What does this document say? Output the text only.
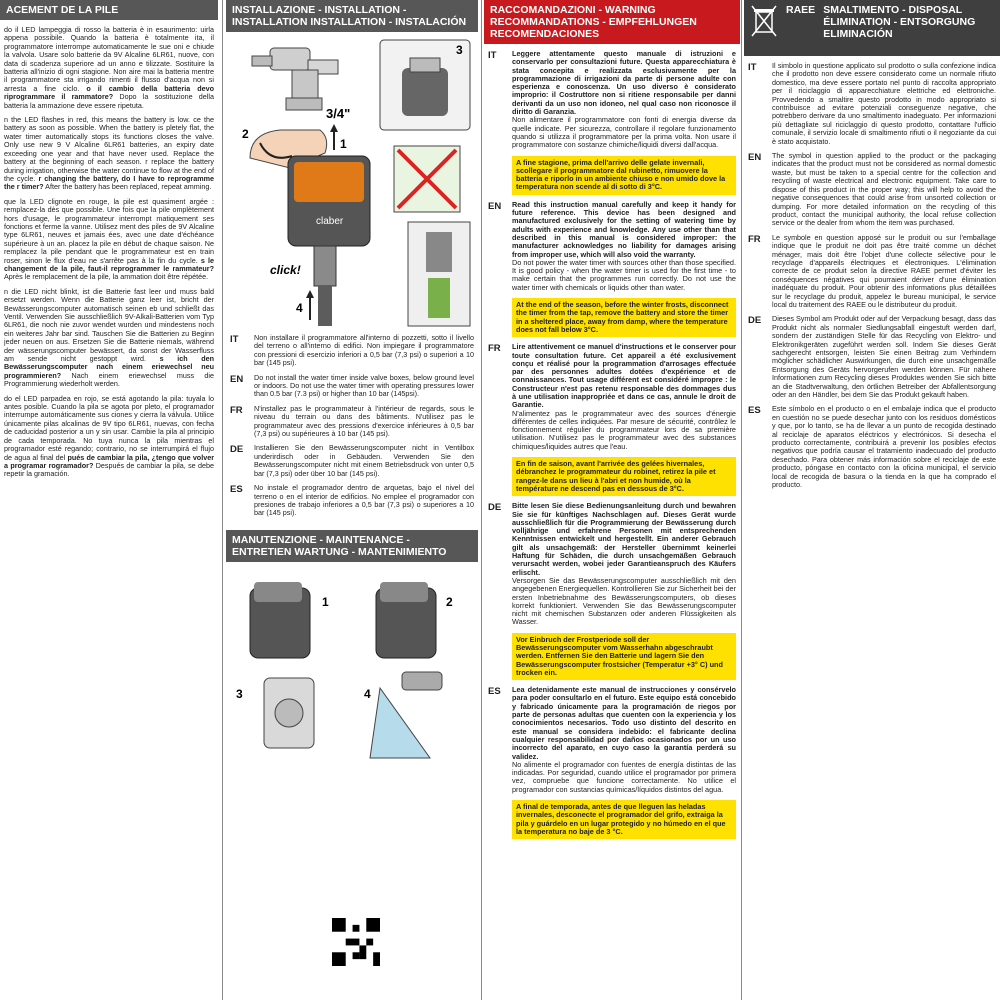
ACEMENT DE LA PILE
do il LED lampeggia di rosso la batteria è in esaurimento: uirla appena possibile. Quando la batteria è totalmente ita, il programmatore interrompe automaticamente le sue oni e chiude la valvola. Usare solo batterie da 9V Alcaline 6LR61, nuove, con data di scadenza superiore ad un anno e tilizzate. Sostituire la batteria all'inizio di ogni stagione. Non aire mai la batteria mentre il programmatore sta irrigando rimenti il flusso d'acqua non si arresta a fine ciclo. o il cambio della batteria devo riprogrammare il rammatore? Dopo la sostituzione della batteria la ammazione deve essere ripetuta.
n the LED flashes in red, this means the battery is low. ce the battery as soon as possible. When the battery is pletely flat, the water timer automatically stops its functions closes the valve. Only use new 9 V Alcaline 6LR61 batteries, an expiry date exceeding one year and that have never used. Replace the battery at the beginning of each season. r replace the battery during irrigation, otherwise the water continue to flow at the end of the cycle. r changing the battery, do I have to reprogramme the r timer? After the battery has been replaced, repeat amming.
que la LED clignote en rouge, la pile est quasiment argée : remplacez-la dès que possible. Une fois que la pile omplètement hors d'usage, le programmateur interrompt matiquement ses fonctions et ferme la vanne. Utilisez ment des piles de 9V Alcaline type 6LR61, neuves et jamais ées, avec une date d'échéance supérieure à un an. placez la pile en début de chaque saison. Ne remplacez la pile pendant que le programmateur est en train roser, sinon le flux d'eau ne s'arrête pas à la fin du cycle. s le changement de la pile, faut-il reprogrammer le rammateur? Après le remplacement de la pile, la ammation doit être répétée.
n die LED nicht blinkt, ist die Batterie fast leer und muss bald ersetzt werden. Wenn die Batterie ganz leer ist, bricht der Bewässerungscomputer automatisch seinen eb und schließt das Ventil. Verwenden Sie ausschließlich 9V-Alkali-Batterien vom Typ 6LR61, die noch nie zuvor wendet wurden und mindestens noch ein weiteres Jahr bar sind. Tauschen Sie die Batterien zu Beginn jeder neuen on aus. Ersetzen Sie die Batterie niemals, während der wässerungscomputer bewässert, da sonst der Wasserfluss am sende nicht gestoppt wird. s ich den Bewässerungscomputer nach einem eriewechsel neu programmieren? Nach einem eriewechsel muss die Programmierung wiederholt werden.
do el LED parpadea en rojo, se está agotando la pila: tuyala lo antes posible. Cuando la pila se agota por pleto, el programador interrumpe automáticamente sus ciones y cierra la válvula. Utilice únicamente pilas alcalinas de 9V tipo 6LR61, nuevas, con fecha de caducidad posterior a un y sin usar. Cambie la pila al principio de cada temporada. No tuya nunca la pila mientras el programador esté regando; contrario, no se interrumpirá el flujo de agua al final del pués de cambiar la pila, ¿tengo que volver a programar rogramador? Después de cambiar la pila, se debe repetir la gramación.
INSTALLAZIONE - INSTALLATION - INSTALLATION INSTALLATION - INSTALACIÓN
3/4"
2
claber
1
3
click!
4
IT	Non installare il programmatore all'interno di pozzetti, sotto il livello del terreno o all'interno di edifici. Non impiegare il programmatore con pressioni di esercizio inferiori a 0,5 bar (7,3 psi) o superiori a 10 bar (145 psi).
EN	Do not install the water timer inside valve boxes, below ground level or indoors. Do not use the water timer with operating pressures lower than 0.5 bar (7.3 psi) or higher than 10 bar (145psi).
FR	N'installez pas le programmateur à l'intérieur de regards, sous le niveau du terrain ou dans des bâtiments. N'utilisez pas le programmateur avec des pressions d'exercice inférieures à 0,5 bar (7,3 psi) ou supérieures à 10 bar (145 psi).
DE	Installieren Sie den Bewässerungscomputer nicht in Ventilbox underirdisch oder in Gebäuden. Verwenden Sie den Bewässerungscomputer nicht mit einem Betriebsdruck von unter 0,5 bar (7,3 psi) oder über 10 bar (145 psi).
ES	No instale el programador dentro de arquetas, bajo el nivel del terreno o en el interior de edificios. No emplee el programador con presiones de trabajo inferiores a 0,5 bar (7,3 psi) o superiores a 10 bar (145 psi).
MANUTENZIONE - MAINTENANCE - ENTRETIEN WARTUNG - MANTENIMIENTO
1	2
3	4
RACCOMANDAZIONI - WARNING RECOMMANDATIONS - EMPFEHLUNGEN RECOMENDACIONES
IT	Leggere attentamente questo manuale di istruzioni e conservarlo per consultazioni future. Questa apparecchiatura è stata concepita e realizzata esclusivamente per la programmazione di irrigazioni da parte di persone adulte con esperienza e conoscenza. Un uso diverso è considerato improprio: il Costruttore non si ritiene responsabile per danni derivanti da un uso non idoneo, nel qual caso non riconosce il diritto di Garanzia.
Non alimentare il programmatore con fonti di energia diverse da quelle indicate. Per sicurezza, controllare il regolare funzionamento quando si utilizza il programmatore per la prima volta. Non usare il programmatore con sostanze chimiche/liquidi diversi dall'acqua.
A fine stagione, prima dell'arrivo delle gelate invernali, scollegare il programmatore dal rubinetto, rimuovere la batteria e riporlo in un ambiente chiuso e non umido dove la temperatura non scende al di sotto di 3°C.
EN	Read this instruction manual carefully and keep it handy for future reference. This device has been designed and manufactured exclusively for the setting of watering time by adults with experience and knowledge. Any use other than that described in this manual is considered improper: the manufacturer acknowledges no liability for damages arising from improper use, which will also void the warranty.
Do not power the water timer with sources other than those specified. It is good policy - when the water timer is used for the first time - to make certain that the programmes run correctly. Do not use the water timer with chemicals or liquids other than water.
At the end of the season, before the winter frosts, disconnect the timer from the tap, remove the battery and store the timer in a sheltered place, away from damp, where the temperature does not fall below 3°C.
FR	Lire attentivement ce manuel d'instructions et le conserver pour toute consultation future. Cet appareil a été exclusivement conçu et réalisé pour la programmation d'arrosages effectuée par des personnes adultes dotées d'expérience et de connaissances. Tout usage différent est considéré impropre : le Constructeur n'est pas retenu responsable des dommages dus à une utilisation inappropriée et dans ce cas, annule le droit de Garantie.
N'alimentez pas le programmateur avec des sources d'énergie différentes de celles indiquées. Par mesure de sécurité, contrôlez le fonctionnement régulier du programmateur lors de sa première utilisation. N'utilisez pas le programmateur avec des substances chimiques/liquides autres que l'eau.
En fin de saison, avant l'arrivée des gelées hivernales, débranchez le programmateur du robinet, retirez la pile et rangez-le dans un lieu à l'abri et non humide, où la température ne descend pas en dessous de 3°C.
DE	Bitte lesen Sie diese Bedienungsanleitung durch und bewahren Sie sie für künftiges Nachschlagen auf. Dieses Gerät wurde ausschließlich für die Programmierung der Bewässerung durch volljährige und erfahrene Personen mit entsprechenden Kenntnissen entwickelt und hergestellt. Ein anderer Gebrauch gilt als unsachgemäß: der Hersteller übernimmt keinerlei Haftung für Schäden, die durch unsachgemäßen Gebrauch verursacht werden, wobei jeder Garantieanspruch des Käufers erlischt.
Versorgen Sie das Bewässerungscomputer ausschließlich mit den angegebenen Energiequellen. Kontrollieren Sie zur Sicherheit bei der ersten Inbetriebnahme des Bewässerungscomputers, ob dieses korrekt funktioniert. Verwenden Sie das Bewässerungscomputer nicht mit chemischen Substanzen oder anderen Flüssigkeiten als Wasser.
Vor Einbruch der Frostperiode soll der Bewässerungscomputer vom Wasserhahn abgeschraubt werden. Entfernen Sie den Batterie und lagern Sie den Bewässerungscomputer frostsicher (Temperatur +3° C) und trocken ein.
ES	Lea detenidamente este manual de instrucciones y consérvelo para poder consultarlo en el futuro. Este equipo está concebido y fabricado únicamente para la programación de riegos por parte de personas adultas que cuenten con la experiencia y los conocimientos necesarios. Todo uso distinto del descrito en este manual se considera indebido: el fabricante declina cualquier responsabilidad por daños ocasionados por un uso incorrecto del aparato, en cuyo caso la garantía perderá su validez.
No alimente el programador con fuentes de energía distintas de las indicadas. Por seguridad, cuando utilice el programador por primera vez, compruebe que funcione correctamente. No utilice el programador con sustancias químicas/líquidos distintos del agua.
A final de temporada, antes de que lleguen las heladas invernales, desconecte el programador del grifo, extraiga la pila y guárdelo en un lugar protegido y no húmedo en el que la temperatura no baje de 3 °C.
RAEE SMALTIMENTO - DISPOSAL ÉLIMINATION - ENTSORGUNG ELIMINACIÓN
IT	Il simbolo in questione applicato sul prodotto o sulla confezione indica che il prodotto non deve essere considerato come un normale rifiuto domestico, ma deve essere portato nel punto di raccolta appropriato per il riciclaggio di apparecchiature elettriche ed elettroniche. Provvedendo a smaltire questo prodotto in modo appropriato si contribuisce ad evitare potenziali conseguenze negative, che potrebbero derivare da uno smaltimento inadeguato. Per informazioni più dettagliate sul riciclaggio di questo prodotto, contattare l'ufficio comunale, il servizio locale di smaltimento rifiuti o il negoziante da cui è stato acquistato.
EN	The symbol in question applied to the product or the packaging indicates that the product must not be considered as normal domestic waste, but must be taken to a special centre for the collection and recycling of waste electrical and electronic equipment. Take care to dispose of this product in the proper way; this will help to avoid the negative consequences that could arise from unsorted collection or dumping. For more detailed information on the recycling of this product, contact the municipal authority, the local refuse collection service or the dealer from whom the item was purchased.
FR	Le symbole en question apposé sur le produit ou sur l'emballage indique que le produit ne doit pas être traité comme un déchet ménager, mais doit être l'objet d'une collecte sélective pour le recyclage d'appareils électriques et électroniques. L'élimination correcte de ce produit selon la directive RAEE permet d'éviter les conséquences négatives qui pourraient dériver d'une élimination inadéquate du produit. Pour obtenir des informations plus détaillées sur le recyclage du produit, appelez le bureau municipal, le service local du traitement des RAEE ou le distributeur du produit.
DE	Dieses Symbol am Produkt oder auf der Verpackung besagt, dass das Produkt nicht als normaler Siedlungsabfall eingestuft werden darf, sondern der zuständigen Stelle für das Recycling von Elektro- und Elektronikgeräten zugeführt werden soll. Indem Sie dieses Gerät sachgerecht entsorgen, leisten Sie einen Beitrag zum Verhindern möglicher schädlicher Auswirkungen, die durch eine unsachgemäße Entsorgung des Geräts hervorgerufen werden können. Für nähere Informationen zum Recycling dieses Produktes wenden Sie sich bitte an die Stadtverwaltung, den örtlichen Betreiber der Abfallentsorgung oder an den Händler, bei dem Sie das Produkt gekauft haben.
ES	Este símbolo en el producto o en el embalaje indica que el producto en cuestión no se puede desechar junto con los residuos domésticos y que, por lo tanto, se ha de llevar a un punto de recogida destinado al reciclaje de aparatos eléctricos y electrónicos. Si desecha el producto correctamente, contribuirá a prevenir los posibles efectos negativos que podría causar el tratamiento inadecuado del producto desechado. Para obtener más información sobre el reciclaje de este producto, póngase en contacto con la oficina municipal, el servicio local de recogida de basura o la tienda en la que ha comprado el producto.
